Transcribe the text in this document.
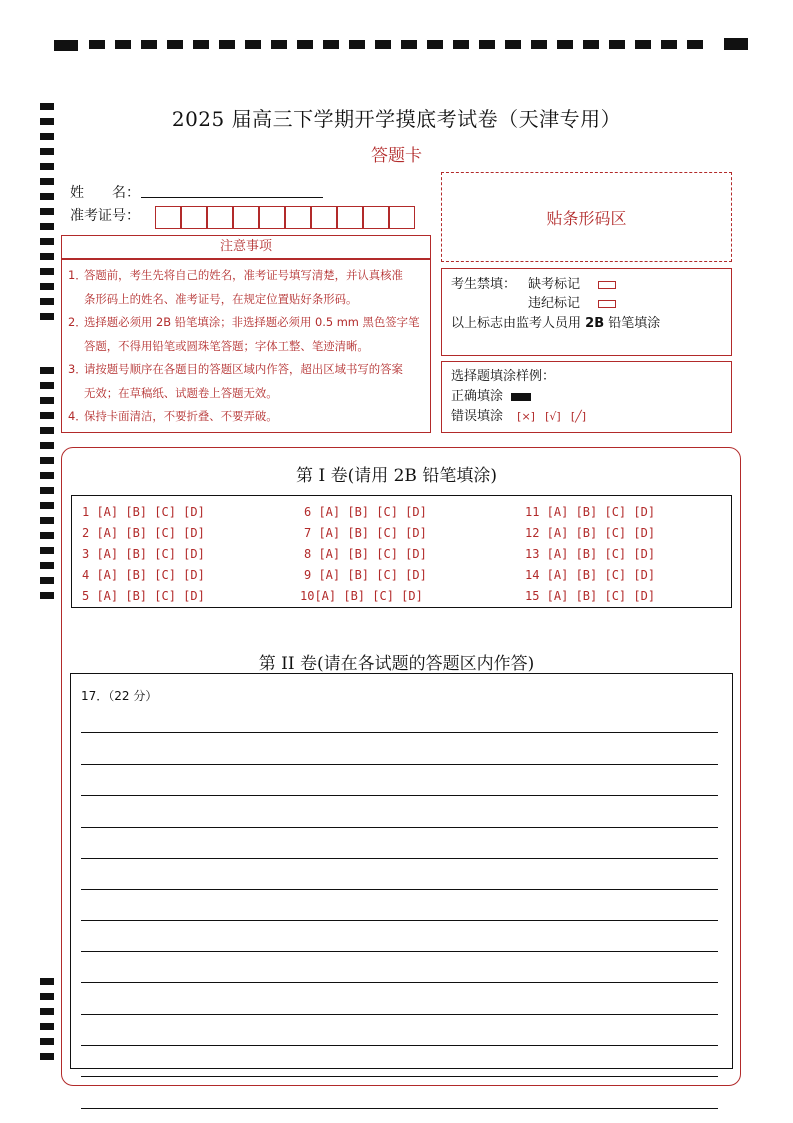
2025 届高三下学期开学摸底考试卷（天津专用）
答题卡
姓　　名：
准考证号：	贴条形码区
注意事项
1．答题前，考生先将自己的姓名，准考证号填写清楚，并认真核准
条形码上的姓名、准考证号，在规定位置贴好条形码。
2．选择题必须用 2B 铅笔填涂；非选择题必须用 0.5 mm 黑色签字笔
答题，不得用铅笔或圆珠笔答题；字体工整、笔迹清晰。
3．请按题号顺序在各题目的答题区域内作答，超出区域书写的答案
无效；在草稿纸、试题卷上答题无效。
4．保持卡面清洁，不要折叠、不要弄破。
考生禁填： 缺考标记
违纪标记
以上标志由监考人员用 2B 铅笔填涂
选择题填涂样例：
正确填涂
错误填涂 [×] [√] [╱]
第 I 卷(请用 2B 铅笔填涂)
1 [A] [B] [C] [D]
2 [A] [B] [C] [D]
3 [A] [B] [C] [D]
4 [A] [B] [C] [D]
5 [A] [B] [C] [D]
6 [A] [B] [C] [D]
7 [A] [B] [C] [D]
8 [A] [B] [C] [D]
9 [A] [B] [C] [D]
10[A] [B] [C] [D]
11 [A] [B] [C] [D]
12 [A] [B] [C] [D]
13 [A] [B] [C] [D]
14 [A] [B] [C] [D]
15 [A] [B] [C] [D]
第 II 卷(请在各试题的答题区内作答)
17．（22 分）
